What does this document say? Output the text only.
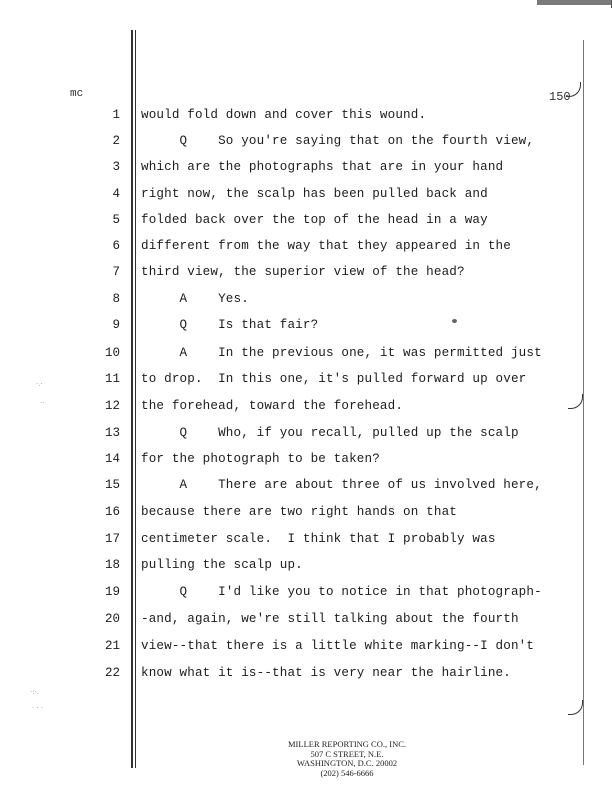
mc	150
·.·
..
·:·.
. . .
1 would fold down and cover this wound.
2 Q    So you're saying that on the fourth view,
3 which are the photographs that are in your hand
4 right now, the scalp has been pulled back and
5 folded back over the top of the head in a way
6 different from the way that they appeared in the
7 third view, the superior view of the head?
8 A    Yes.
9 Q    Is that fair?
10 A    In the previous one, it was permitted just
11 to drop.  In this one, it's pulled forward up over
12 the forehead, toward the forehead.
13 Q    Who, if you recall, pulled up the scalp
14 for the photograph to be taken?
15 A    There are about three of us involved here,
16 because there are two right hands on that
17 centimeter scale.  I think that I probably was
18 pulling the scalp up.
19 Q    I'd like you to notice in that photograph-
20 -and, again, we're still talking about the fourth
21 view--that there is a little white marking--I don't
22 know what it is--that is very near the hairline.
MILLER REPORTING CO., INC.
507 C STREET, N.E.
WASHINGTON, D.C. 20002
(202) 546-6666
